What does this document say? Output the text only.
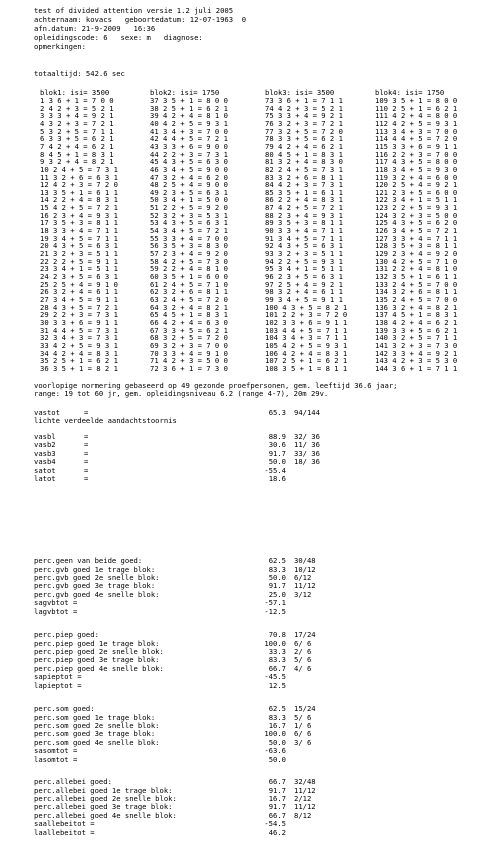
test of divided attention versie 1.2 juli 2005
achternaam: kovacs   geboortedatum: 12-07-1963  0
afn.datum: 21-9-2009   16:36
opleidingscode: 6   sexe: m   diagnose:
opmerkingen:
totaaltijd: 542.6 sec
blok1: isi= 3500
1 3 6 + 1 = 7 0 0
2 4 2 + 3 = 5 2 1
3 3 3 + 4 = 9 2 1
4 3 2 + 3 = 7 2 1
5 3 2 + 5 = 7 1 1
6 3 3 + 5 = 6 2 1
7 4 2 + 4 = 6 2 1
8 4 5 + 1 = 8 3 1
9 3 2 + 4 = 8 2 1
10 2 4 + 5 = 7 3 1
11 3 2 + 6 = 6 3 1
12 4 2 + 3 = 7 2 0
13 3 5 + 1 = 6 1 1
14 2 2 + 4 = 8 3 1
15 4 2 + 5 = 7 2 1
16 2 3 + 4 = 9 3 1
17 3 5 + 3 = 8 1 1
18 3 3 + 4 = 7 1 1
19 3 4 + 5 = 7 1 1
20 4 3 + 5 = 6 3 1
21 3 2 + 3 = 5 1 1
22 2 2 + 5 = 9 1 1
23 3 4 + 1 = 5 1 1
24 2 3 + 5 = 6 3 1
25 2 5 + 4 = 9 1 0
26 3 2 + 4 = 6 1 1
27 3 4 + 5 = 9 1 1
28 4 3 + 5 = 7 2 1
29 2 2 + 3 = 7 3 1
30 3 3 + 6 = 9 1 1
31 4 4 + 5 = 7 3 1
32 3 4 + 3 = 7 3 1
33 4 2 + 5 = 9 3 1
34 4 2 + 4 = 8 3 1
35 2 5 + 1 = 6 2 1
36 3 5 + 1 = 8 2 1
blok2: isi= 1750
37 3 5 + 1 = 8 0 0
38 2 5 + 1 = 6 2 1
39 4 2 + 4 = 8 1 0
40 4 2 + 5 = 9 3 1
41 3 4 + 3 = 7 0 0
42 4 4 + 5 = 7 2 1
43 3 3 + 6 = 9 0 0
44 2 2 + 3 = 7 3 1
45 4 3 + 5 = 6 3 0
46 3 4 + 5 = 9 0 0
47 3 2 + 4 = 6 2 0
48 2 5 + 4 = 9 0 0
49 2 3 + 5 = 6 3 1
50 3 4 + 1 = 5 0 0
51 2 2 + 5 = 9 2 0
52 3 2 + 3 = 5 3 1
53 4 3 + 5 = 6 3 1
54 3 4 + 5 = 7 2 1
55 3 3 + 4 = 7 0 0
56 3 5 + 3 = 8 3 0
57 2 3 + 4 = 9 2 0
58 4 2 + 5 = 7 3 0
59 2 2 + 4 = 8 1 0
60 3 5 + 1 = 6 0 0
61 2 4 + 5 = 7 1 0
62 3 2 + 6 = 8 1 1
63 2 4 + 5 = 7 2 0
64 3 2 + 4 = 8 2 1
65 4 5 + 1 = 8 3 1
66 4 2 + 4 = 6 3 0
67 3 3 + 5 = 6 2 1
68 3 2 + 5 = 7 2 0
69 3 2 + 3 = 7 0 0
70 3 3 + 4 = 9 1 0
71 4 2 + 3 = 5 0 0
72 3 6 + 1 = 7 3 0
blok3: isi= 3500
73 3 6 + 1 = 7 1 1
74 4 2 + 3 = 5 2 1
75 3 3 + 4 = 9 2 1
76 3 2 + 3 = 7 2 1
77 3 2 + 5 = 7 2 0
78 3 3 + 5 = 6 2 1
79 4 2 + 4 = 6 2 1
80 4 5 + 1 = 8 3 1
81 3 2 + 4 = 8 3 0
82 2 4 + 5 = 7 3 1
83 3 2 + 6 = 8 1 1
84 4 2 + 3 = 7 3 1
85 3 5 + 1 = 6 1 1
86 2 2 + 4 = 8 3 1
87 4 2 + 5 = 7 2 1
88 2 3 + 4 = 9 3 1
89 3 5 + 3 = 8 1 1
90 3 3 + 4 = 7 1 1
91 3 4 + 5 = 7 1 1
92 4 3 + 5 = 6 3 1
93 3 2 + 3 = 5 1 1
94 2 2 + 5 = 9 3 1
95 3 4 + 1 = 5 1 1
96 2 3 + 5 = 6 3 1
97 2 5 + 4 = 9 2 1
98 3 2 + 4 = 6 1 1
99 3 4 + 5 = 9 1 1
100 4 3 + 5 = 8 2 1
101 2 2 + 3 = 7 2 0
102 3 3 + 6 = 9 1 1
103 4 4 + 5 = 7 1 1
104 3 4 + 3 = 7 1 1
105 4 2 + 5 = 9 3 1
106 4 2 + 4 = 8 3 1
107 2 5 + 1 = 6 2 1
108 3 5 + 1 = 8 1 1
blok4: isi= 1750
109 3 5 + 1 = 8 0 0
110 2 5 + 1 = 6 2 1
111 4 2 + 4 = 8 0 0
112 4 2 + 5 = 9 3 1
113 3 4 + 3 = 7 0 0
114 4 4 + 5 = 7 2 0
115 3 3 + 6 = 9 1 1
116 2 2 + 3 = 7 0 0
117 4 3 + 5 = 8 0 0
118 3 4 + 5 = 9 3 0
119 3 2 + 4 = 6 0 0
120 2 5 + 4 = 9 2 1
121 2 3 + 5 = 6 0 0
122 3 4 + 1 = 5 1 1
123 2 2 + 5 = 9 3 1
124 3 2 + 3 = 5 0 0
125 4 3 + 5 = 6 2 0
126 3 4 + 5 = 7 2 1
127 3 3 + 4 = 7 1 1
128 3 5 + 3 = 8 1 1
129 2 3 + 4 = 9 2 0
130 4 2 + 5 = 7 1 0
131 2 2 + 4 = 8 1 0
132 3 5 + 1 = 6 1 1
133 2 4 + 5 = 7 0 0
134 3 2 + 6 = 8 1 1
135 2 4 + 5 = 7 0 0
136 3 2 + 4 = 8 2 1
137 4 5 + 1 = 8 3 1
138 4 2 + 4 = 6 2 1
139 3 3 + 5 = 6 2 1
140 3 2 + 5 = 7 1 1
141 3 2 + 3 = 7 3 0
142 3 3 + 4 = 9 2 1
143 4 2 + 3 = 5 3 0
144 3 6 + 1 = 7 1 1
voorlopige normering gebaseerd op 49 gezonde proefpersonen, gem. leeftijd 36.6 jaar;
range: 19 tot 60 jr, gem. opleidingsniveau 6.2 (range 4-7), 20m 29v.
vastot	65.3 94/144
=
lichte verdeelde aandachtstoornis
vasbl	88.9 32/ 36
vasb2	30.6 11/ 36
vasb3	91.7 33/ 36
vasb4	50.0 18/ 36
satot	-55.4
latot	18.6
perc.geen van beide goed:	62.5 30/48
perc.gvb goed 1e trage blok:	83.3 10/12
perc.gvb goed 2e snelle blok:	50.0 6/12
perc.gvb goed 3e trage blok:	91.7 11/12
perc.gvb goed 4e snelle blok:	25.0 3/12
sagvbtot =	-57.1
lagvbtot =	-12.5
perc.piep goed:	70.8 17/24
perc.piep goed 1e trage blok:	100.0 6/ 6
perc.piep goed 2e snelle blok:	33.3 2/ 6
perc.piep goed 3e trage blok:	83.3 5/ 6
perc.piep goed 4e snelle blok:	66.7 4/ 6
sapieptot =	-45.5
lapieptot =	12.5
perc.som goed:	62.5 15/24
perc.som goed 1e trage blok:	83.3 5/ 6
perc.som goed 2e snelle blok:	16.7 1/ 6
perc.som goed 3e trage blok:	100.0 6/ 6
perc.som goed 4e snelle blok:	50.0 3/ 6
sasomtot =	-63.6
lasomtot =	50.0
perc.allebei goed:	66.7 32/48
perc.allebei goed 1e trage blok:	91.7 11/12
perc.allebei goed 2e snelle blok:	16.7 2/12
perc.allebei goed 3e trage blok:	91.7 11/12
perc.allebei goed 4e snelle blok:	66.7 8/12
saallebeitot =	-54.5
laallebeitot =	46.2
=
=
=
=
=
=
